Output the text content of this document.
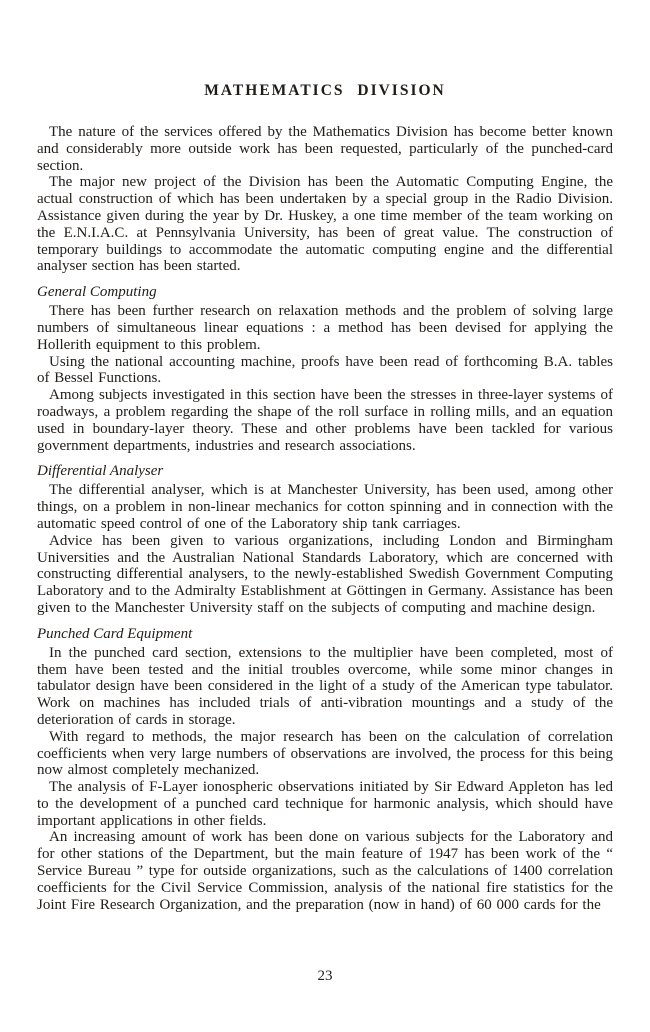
MATHEMATICS DIVISION

The nature of the services offered by the Mathematics Division has become better known and considerably more outside work has been requested, particularly of the punched-card section.

The major new project of the Division has been the Automatic Computing Engine, the actual construction of which has been undertaken by a special group in the Radio Division. Assistance given during the year by Dr. Huskey, a one time member of the team working on the E.N.I.A.C. at Pennsylvania University, has been of great value. The construction of temporary buildings to accommodate the automatic computing engine and the differential analyser section has been started.

General Computing

There has been further research on relaxation methods and the problem of solving large numbers of simultaneous linear equations : a method has been devised for applying the Hollerith equipment to this problem.

Using the national accounting machine, proofs have been read of forthcoming B.A. tables of Bessel Functions.

Among subjects investigated in this section have been the stresses in three-layer systems of roadways, a problem regarding the shape of the roll surface in rolling mills, and an equation used in boundary-layer theory. These and other problems have been tackled for various government departments, industries and research associations.

Differential Analyser

The differential analyser, which is at Manchester University, has been used, among other things, on a problem in non-linear mechanics for cotton spinning and in connection with the automatic speed control of one of the Laboratory ship tank carriages.

Advice has been given to various organizations, including London and Birmingham Universities and the Australian National Standards Laboratory, which are concerned with constructing differential analysers, to the newly-established Swedish Government Computing Laboratory and to the Admiralty Establishment at Göttingen in Germany. Assistance has been given to the Manchester University staff on the subjects of computing and machine design.

Punched Card Equipment

In the punched card section, extensions to the multiplier have been completed, most of them have been tested and the initial troubles overcome, while some minor changes in tabulator design have been considered in the light of a study of the American type tabulator. Work on machines has included trials of anti-vibration mountings and a study of the deterioration of cards in storage.

With regard to methods, the major research has been on the calculation of correlation coefficients when very large numbers of observations are involved, the process for this being now almost completely mechanized.

The analysis of F-Layer ionospheric observations initiated by Sir Edward Appleton has led to the development of a punched card technique for harmonic analysis, which should have important applications in other fields.

An increasing amount of work has been done on various subjects for the Laboratory and for other stations of the Department, but the main feature of 1947 has been work of the “ Service Bureau ” type for outside organizations, such as the calculations of 1400 correlation coefficients for the Civil Service Commission, analysis of the national fire statistics for the Joint Fire Research Organization, and the preparation (now in hand) of 60 000 cards for the

23
